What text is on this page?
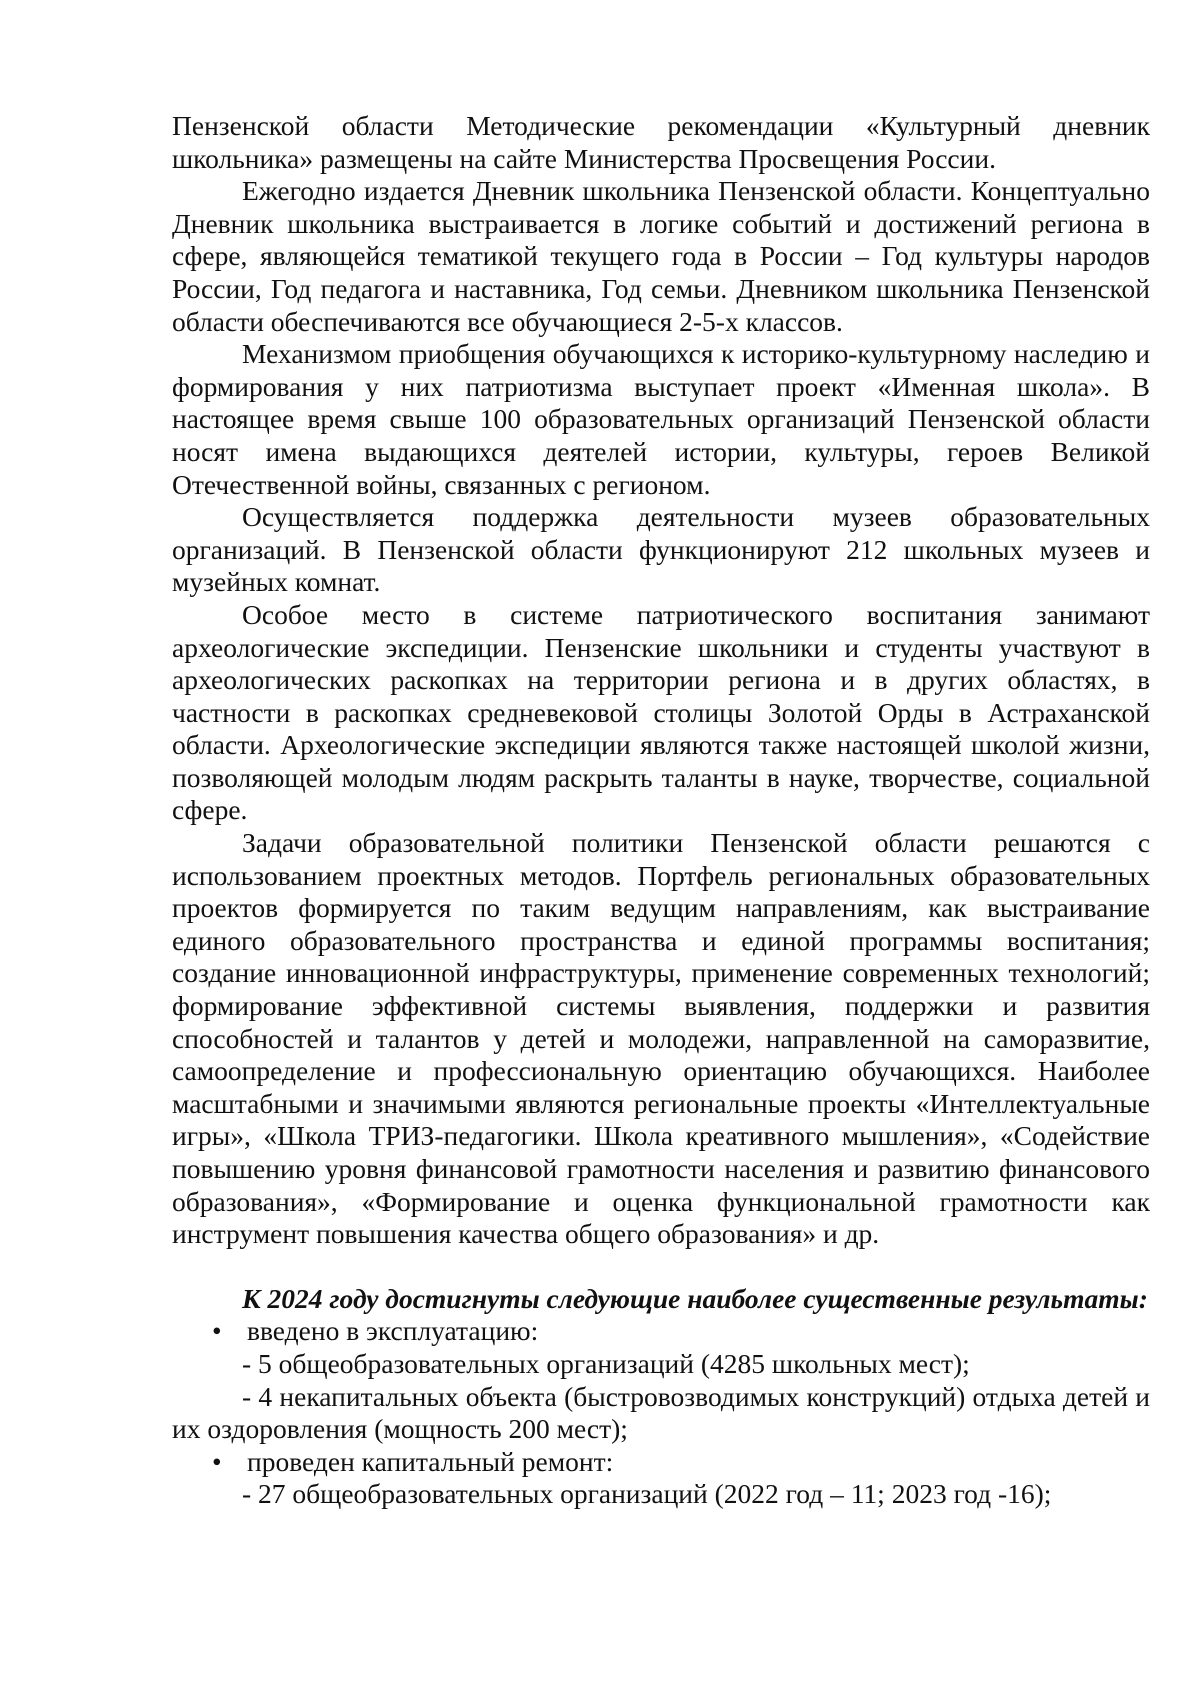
Пензенской области Методические рекомендации «Культурный дневник школьника» размещены на сайте Министерства Просвещения России.

Ежегодно издается Дневник школьника Пензенской области. Концептуально Дневник школьника выстраивается в логике событий и достижений региона в сфере, являющейся тематикой текущего года в России – Год культуры народов России, Год педагога и наставника, Год семьи. Дневником школьника Пензенской области обеспечиваются все обучающиеся 2-5-х классов.

Механизмом приобщения обучающихся к историко-культурному наследию и формирования у них патриотизма выступает проект «Именная школа». В настоящее время свыше 100 образовательных организаций Пензенской области носят имена выдающихся деятелей истории, культуры, героев Великой Отечественной войны, связанных с регионом.

Осуществляется поддержка деятельности музеев образовательных организаций. В Пензенской области функционируют 212 школьных музеев и музейных комнат.

Особое место в системе патриотического воспитания занимают археологические экспедиции. Пензенские школьники и студенты участвуют в археологических раскопках на территории региона и в других областях, в частности в раскопках средневековой столицы Золотой Орды в Астраханской области. Археологические экспедиции являются также настоящей школой жизни, позволяющей молодым людям раскрыть таланты в науке, творчестве, социальной сфере.

Задачи образовательной политики Пензенской области решаются с использованием проектных методов. Портфель региональных образовательных проектов формируется по таким ведущим направлениям, как выстраивание единого образовательного пространства и единой программы воспитания; создание инновационной инфраструктуры, применение современных технологий; формирование эффективной системы выявления, поддержки и развития способностей и талантов у детей и молодежи, направленной на саморазвитие, самоопределение и профессиональную ориентацию обучающихся. Наиболее масштабными и значимыми являются региональные проекты «Интеллектуальные игры», «Школа ТРИЗ-педагогики. Школа креативного мышления», «Содействие повышению уровня финансовой грамотности населения и развитию финансового образования», «Формирование и оценка функциональной грамотности как инструмент повышения качества общего образования» и др.

К 2024 году достигнуты следующие наиболее существенные результаты:

• введено в эксплуатацию:

- 5 общеобразовательных организаций (4285 школьных мест);

- 4 некапитальных объекта (быстровозводимых конструкций) отдыха детей и их оздоровления (мощность 200 мест);

• проведен капитальный ремонт:

- 27 общеобразовательных организаций (2022 год – 11; 2023 год -16);
